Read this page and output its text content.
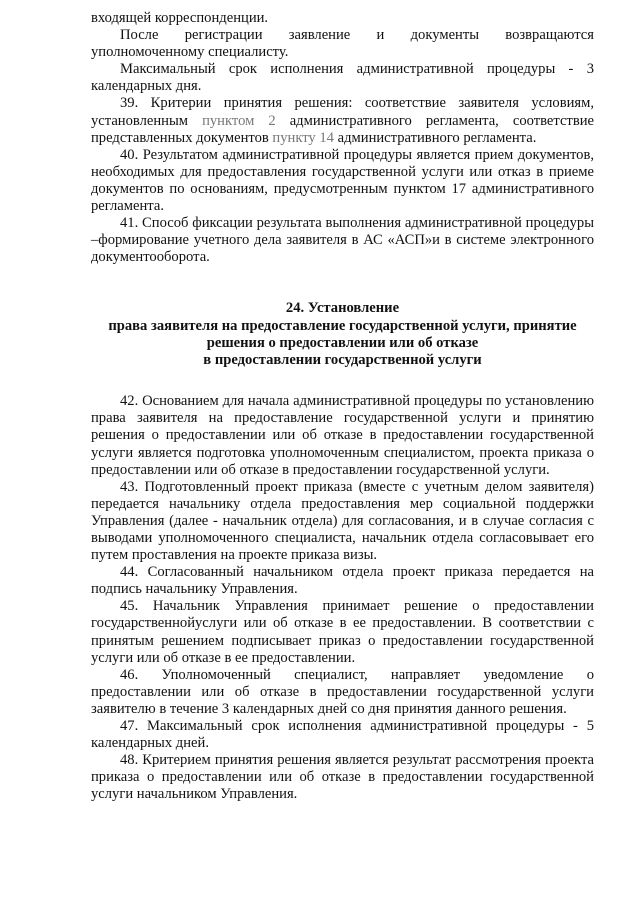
входящей корреспонденции.

После регистрации заявление и документы возвращаются уполномоченному специалисту.

Максимальный срок исполнения административной процедуры - 3 календарных дня.

39. Критерии принятия решения: соответствие заявителя условиям, установленным пунктом 2 административного регламента, соответствие представленных документов пункту 14 административного регламента.

40. Результатом административной процедуры является прием документов, необходимых для предоставления государственной услуги или отказ в приеме документов по основаниям, предусмотренным пунктом 17 административного регламента.

41. Способ фиксации результата выполнения административной процедуры –формирование учетного дела заявителя в АС «АСП»и в системе электронного документооборота.

24. Установление

права заявителя на предоставление государственной услуги, принятие

решения о предоставлении или об отказе

в предоставлении государственной услуги

42. Основанием для начала административной процедуры по установлению права заявителя на предоставление государственной услуги и принятию решения о предоставлении или об отказе в предоставлении государственной услуги является подготовка уполномоченным специалистом, проекта приказа о предоставлении или об отказе в предоставлении государственной услуги.

43. Подготовленный проект приказа (вместе с учетным делом заявителя) передается начальнику отдела предоставления мер социальной поддержки Управления (далее - начальник отдела) для согласования, и в случае согласия с выводами уполномоченного специалиста, начальник отдела согласовывает его путем проставления на проекте приказа визы.

44. Согласованный начальником отдела проект приказа передается на подпись начальнику Управления.

45. Начальник Управления принимает решение о предоставлении государственнойуслуги или об отказе в ее предоставлении. В соответствии с принятым решением подписывает приказ о предоставлении государственной услуги или об отказе в ее предоставлении.

46. Уполномоченный специалист, направляет уведомление о предоставлении или об отказе в предоставлении государственной услуги заявителю в течение 3 календарных дней со дня принятия данного решения.

47. Максимальный срок исполнения административной процедуры - 5 календарных дней.

48. Критерием принятия решения является результат рассмотрения проекта приказа о предоставлении или об отказе в предоставлении государственной услуги начальником Управления.
